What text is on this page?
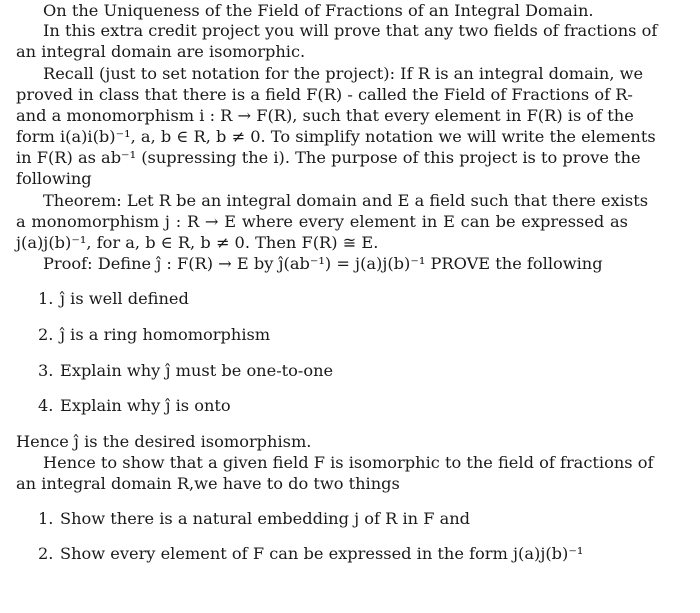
On the Uniqueness of the Field of Fractions of an Integral Domain.
In this extra credit project you will prove that any two fields of fractions of
an integral domain are isomorphic.
Recall (just to set notation for the project): If R is an integral domain, we
proved in class that there is a field F(R) - called the Field of Fractions of R-
and a monomorphism i : R → F(R), such that every element in F(R) is of the
form i(a)i(b)⁻¹, a, b ∈ R, b ≠ 0. To simplify notation we will write the elements
in F(R) as ab⁻¹ (supressing the i). The purpose of this project is to prove the
following
Theorem: Let R be an integral domain and E a field such that there exists
a monomorphism j : R → E where every element in E can be expressed as
j(a)j(b)⁻¹, for a, b ∈ R, b ≠ 0. Then F(R) ≅ E.
Proof: Define ĵ : F(R) → E by ĵ(ab⁻¹) = j(a)j(b)⁻¹ PROVE the following
1. ĵ is well defined
2. ĵ is a ring homomorphism
3. Explain why ĵ must be one-to-one
4. Explain why ĵ is onto
Hence ĵ is the desired isomorphism.
Hence to show that a given field F is isomorphic to the field of fractions of
an integral domain R,we have to do two things
1. Show there is a natural embedding j of R in F and
2. Show every element of F can be expressed in the form j(a)j(b)⁻¹
